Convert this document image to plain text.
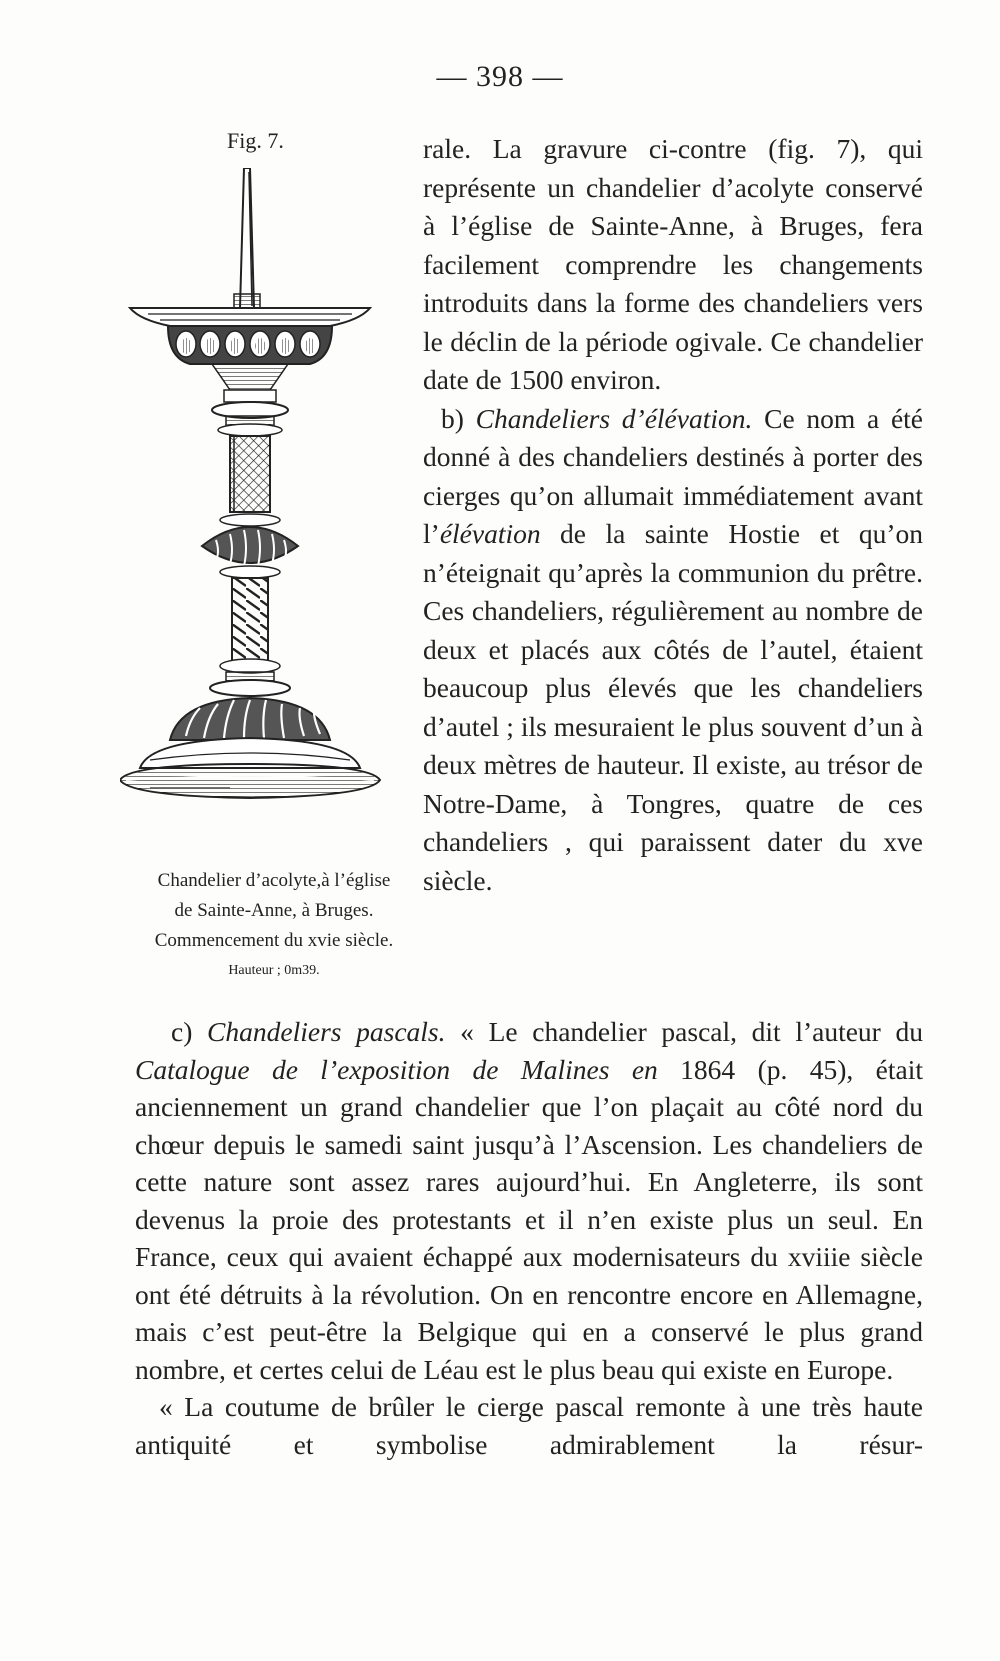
— 398 —
Fig. 7.
Chandelier d’acolyte,à l’église
de Sainte-Anne, à Bruges.
Commencement du xvie siècle.
Hauteur ; 0m39.

rale. La gravure ci-contre (fig. 7), qui représente un chandelier d’acolyte conservé à l’église de Sainte-Anne, à Bruges, fera facilement comprendre les changements introduits dans la forme des chandeliers vers le déclin de la période ogivale. Ce chandelier date de 1500 environ.

b) Chandeliers d’élévation. Ce nom a été donné à des chandeliers destinés à porter des cierges qu’on allumait immédiatement avant l’élévation de la sainte Hostie et qu’on n’éteignait qu’après la communion du prêtre. Ces chandeliers, régulièrement au nombre de deux et placés aux côtés de l’autel, étaient beaucoup plus élevés que les chandeliers d’autel ; ils mesuraient le plus souvent d’un à deux mètres de hauteur. Il existe, au trésor de Notre-Dame, à Tongres, quatre de ces chandeliers , qui paraissent dater du xve siècle.

c) Chandeliers pascals. « Le chandelier pascal, dit l’auteur du Catalogue de l’exposition de Malines en 1864 (p. 45), était anciennement un grand chandelier que l’on plaçait au côté nord du chœur depuis le samedi saint jusqu’à l’Ascension. Les chandeliers de cette nature sont assez rares aujourd’hui. En Angleterre, ils sont devenus la proie des protestants et il n’en existe plus un seul. En France, ceux qui avaient échappé aux modernisateurs du xviiie siècle ont été détruits à la révolution. On en rencontre encore en Allemagne, mais c’est peut-être la Belgique qui en a conservé le plus grand nombre, et certes celui de Léau est le plus beau qui existe en Europe.

« La coutume de brûler le cierge pascal remonte à une très haute antiquité et symbolise admirablement la résur-
